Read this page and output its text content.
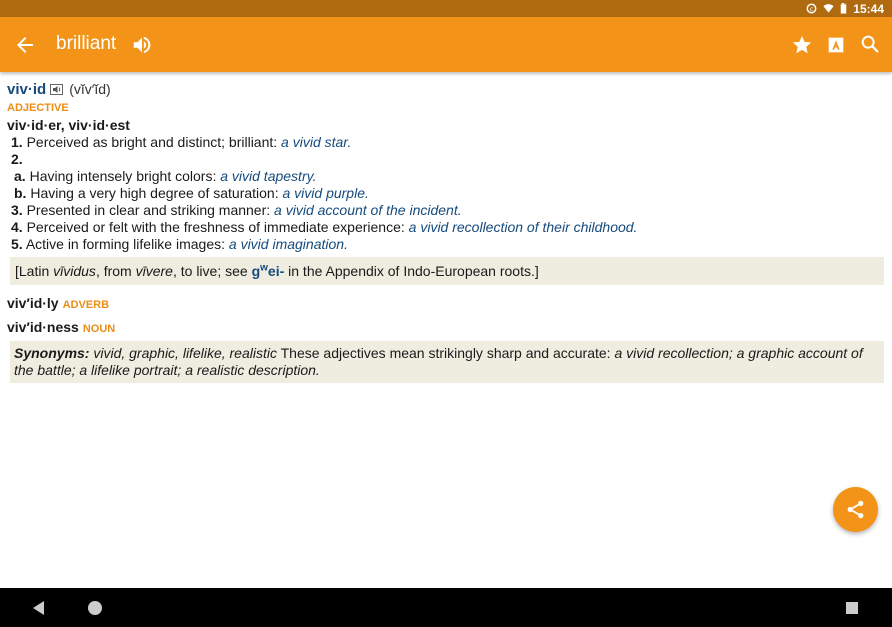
c	15:44
brilliant
viv·id (vĭv′ĭd)
ADJECTIVE
viv·id·er, viv·id·est
1. Perceived as bright and distinct; brilliant: a vivid star.
2.
a. Having intensely bright colors: a vivid tapestry.
b. Having a very high degree of saturation: a vivid purple.
3. Presented in clear and striking manner: a vivid account of the incident.
4. Perceived or felt with the freshness of immediate experience: a vivid recollection of their childhood.
5. Active in forming lifelike images: a vivid imagination.
[Latin vīvidus, from vīvere, to live; see $g^wei-$ in the Appendix of Indo-European roots.]
viv′id·ly ADVERB
viv′id·ness NOUN
Synonyms: vivid, graphic, lifelike, realistic These adjectives mean strikingly sharp and accurate: a vivid recollection; a graphic account of the battle; a lifelike portrait; a realistic description.
